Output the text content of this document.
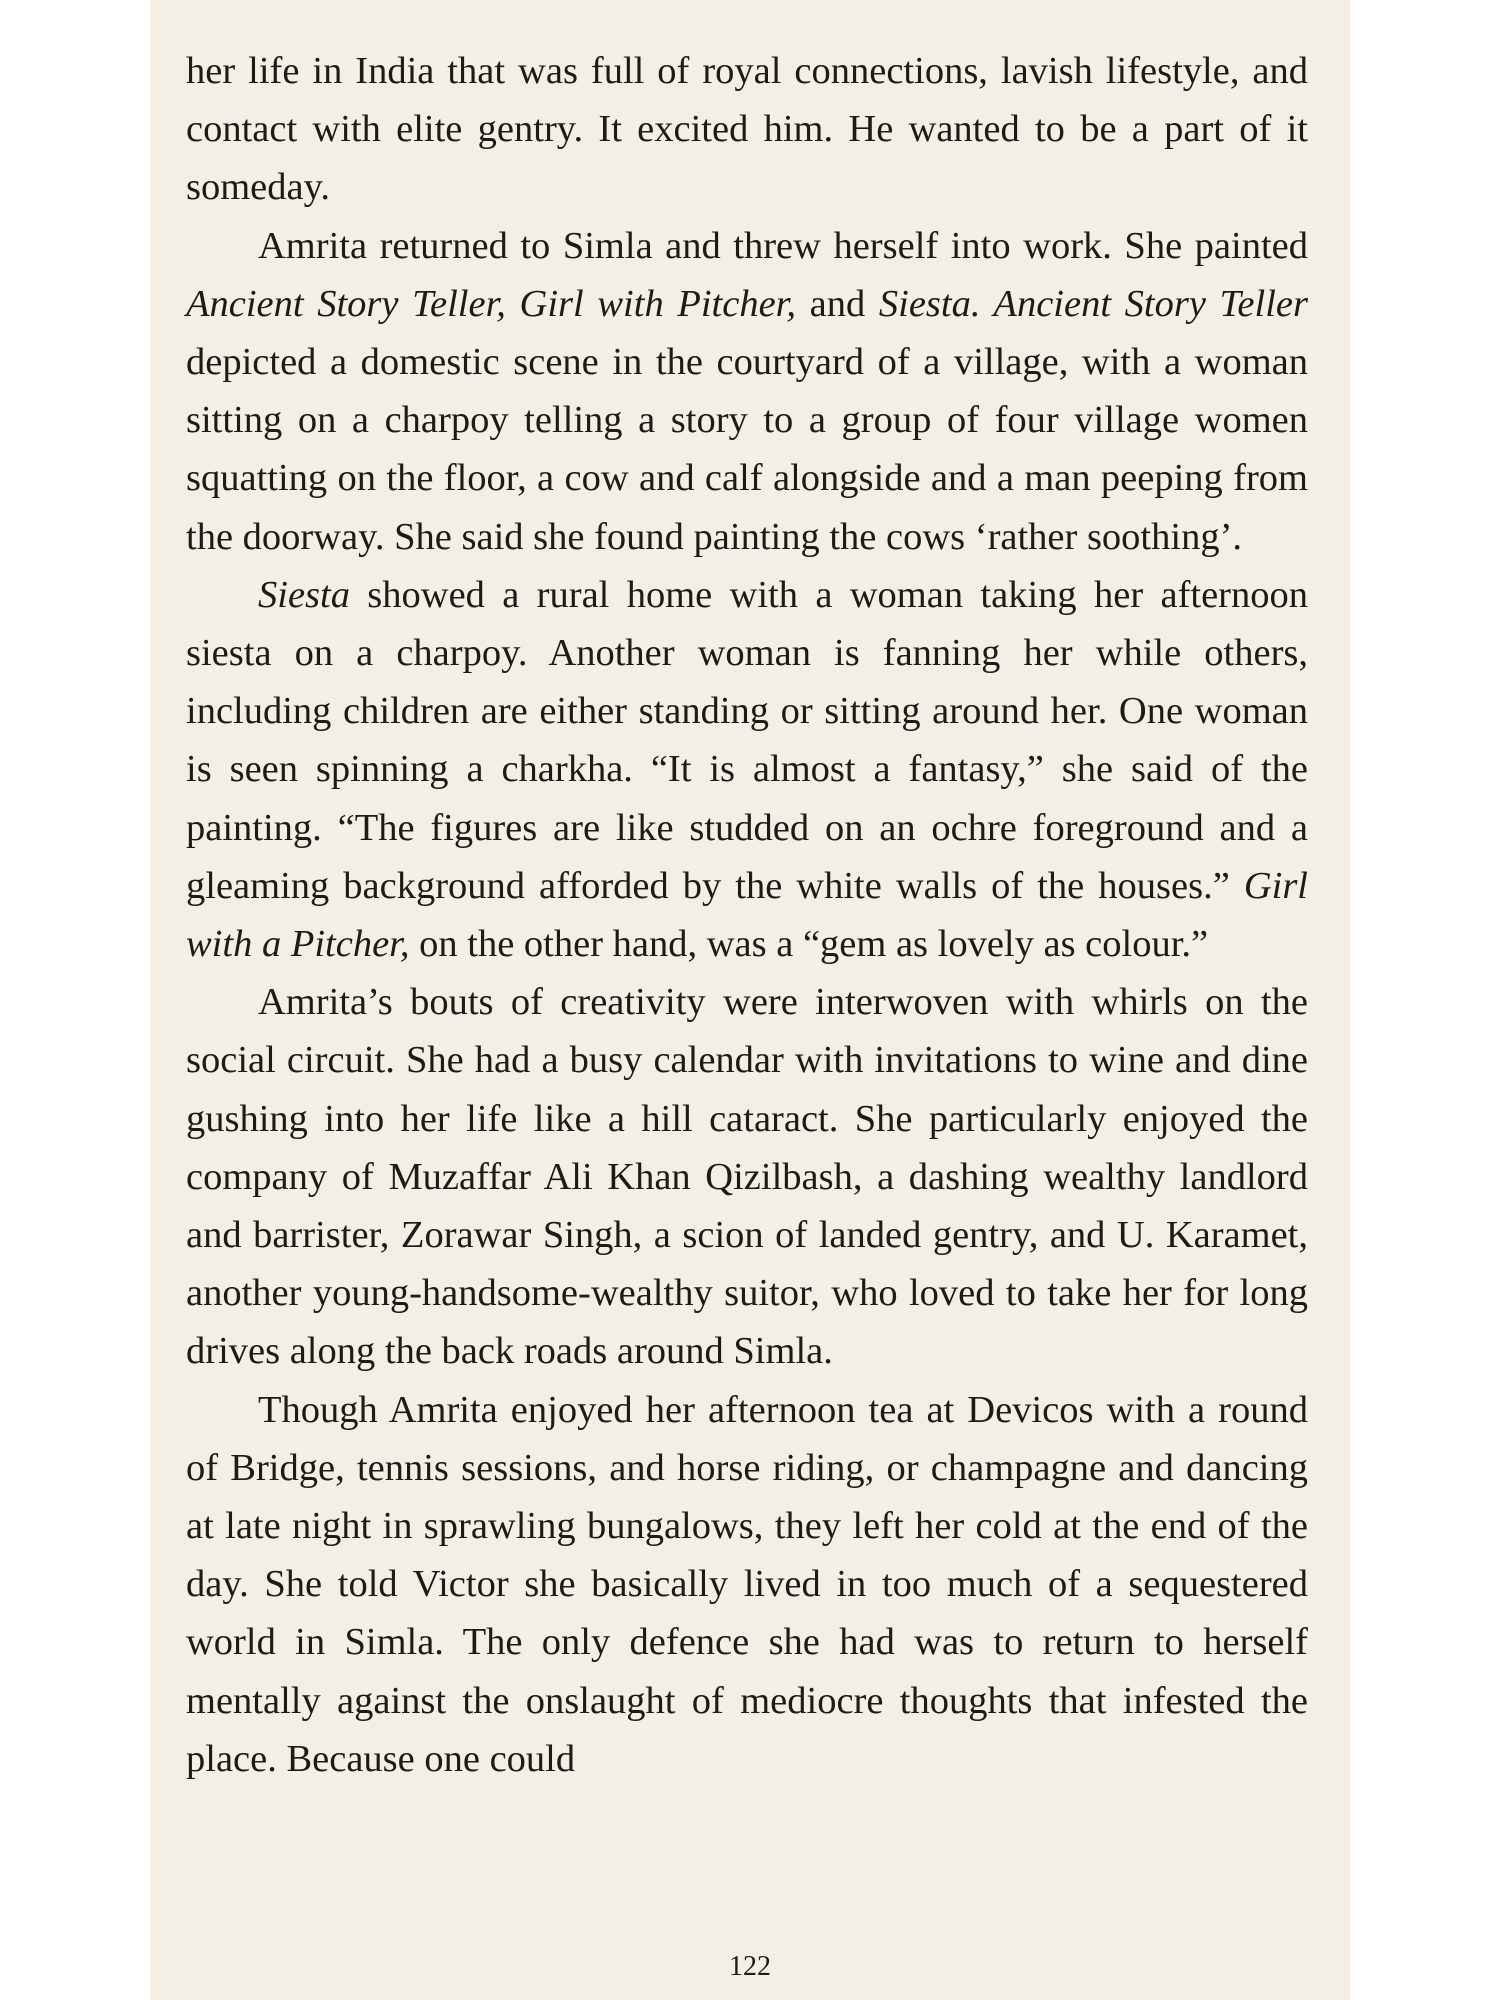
her life in India that was full of royal connections, lavish lifestyle, and contact with elite gentry. It excited him. He wanted to be a part of it someday.

Amrita returned to Simla and threw herself into work. She painted Ancient Story Teller, Girl with Pitcher, and Siesta. Ancient Story Teller depicted a domestic scene in the courtyard of a village, with a woman sitting on a charpoy telling a story to a group of four village women squatting on the floor, a cow and calf alongside and a man peeping from the doorway. She said she found painting the cows ‘rather soothing’.

Siesta showed a rural home with a woman taking her afternoon siesta on a charpoy. Another woman is fanning her while others, including children are either standing or sitting around her. One woman is seen spinning a charkha. “It is almost a fantasy,” she said of the painting. “The figures are like studded on an ochre foreground and a gleaming background afforded by the white walls of the houses.” Girl with a Pitcher, on the other hand, was a “gem as lovely as colour.”

Amrita’s bouts of creativity were interwoven with whirls on the social circuit. She had a busy calendar with invitations to wine and dine gushing into her life like a hill cataract. She particularly enjoyed the company of Muzaffar Ali Khan Qizilbash, a dashing wealthy landlord and barrister, Zorawar Singh, a scion of landed gentry, and U. Karamet, another young-handsome-wealthy suitor, who loved to take her for long drives along the back roads around Simla.

Though Amrita enjoyed her afternoon tea at Devicos with a round of Bridge, tennis sessions, and horse riding, or champagne and dancing at late night in sprawling bungalows, they left her cold at the end of the day. She told Victor she basically lived in too much of a sequestered world in Simla. The only defence she had was to return to herself mentally against the onslaught of mediocre thoughts that infested the place. Because one could

122
